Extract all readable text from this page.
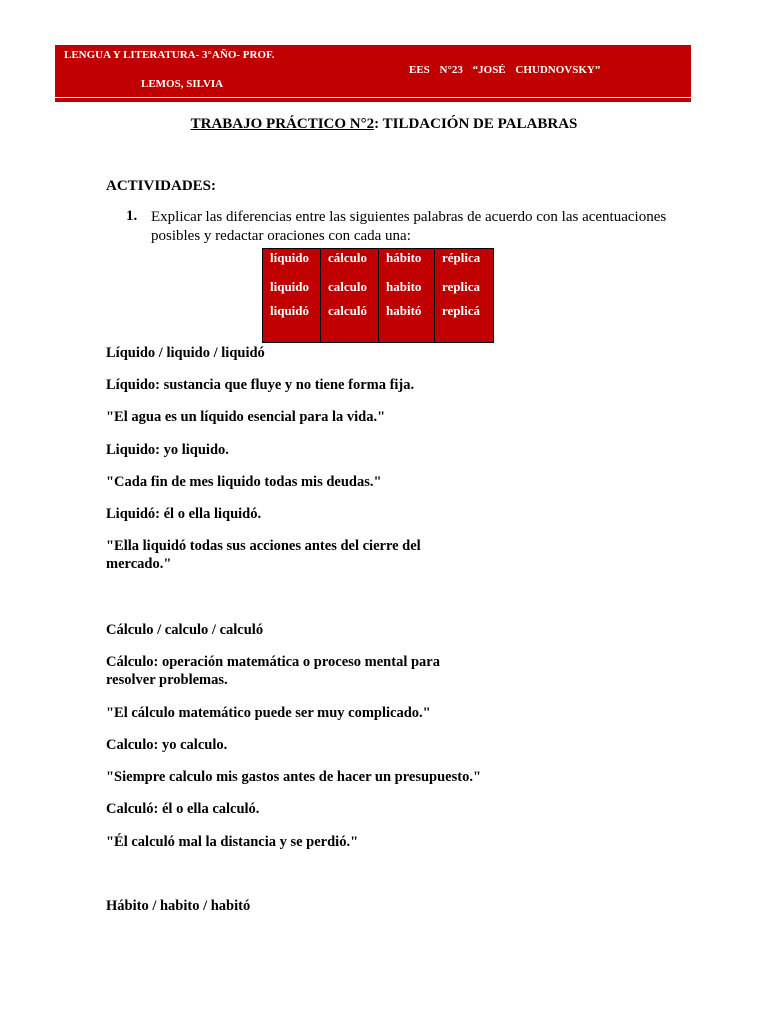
LENGUA Y LITERATURA- 3°AÑO- PROF.
LEMOS, SILVIA
EES N°23 “JOSÉ CHUDNOVSKY”
TRABAJO PRÁCTICO N°2: TILDACIÓN DE PALABRAS
ACTIVIDADES:
1. Explicar las diferencias entre las siguientes palabras de acuerdo con las acentuaciones posibles y redactar oraciones con cada una:
líquido
liquido
liquidó
cálculo
calculo
calculó
hábito
habito
habitó
réplica
replica
replicá
Líquido / liquido / liquidó
Líquido: sustancia que fluye y no tiene forma fija.
"El agua es un líquido esencial para la vida."
Liquido: yo liquido.
"Cada fin de mes liquido todas mis deudas."
Liquidó: él o ella liquidó.
"Ella liquidó todas sus acciones antes del cierre del mercado."
Cálculo / calculo / calculó
Cálculo: operación matemática o proceso mental para resolver problemas.
"El cálculo matemático puede ser muy complicado."
Calculo: yo calculo.
"Siempre calculo mis gastos antes de hacer un presupuesto."
Calculó: él o ella calculó.
"Él calculó mal la distancia y se perdió."
Hábito / habito / habitó
